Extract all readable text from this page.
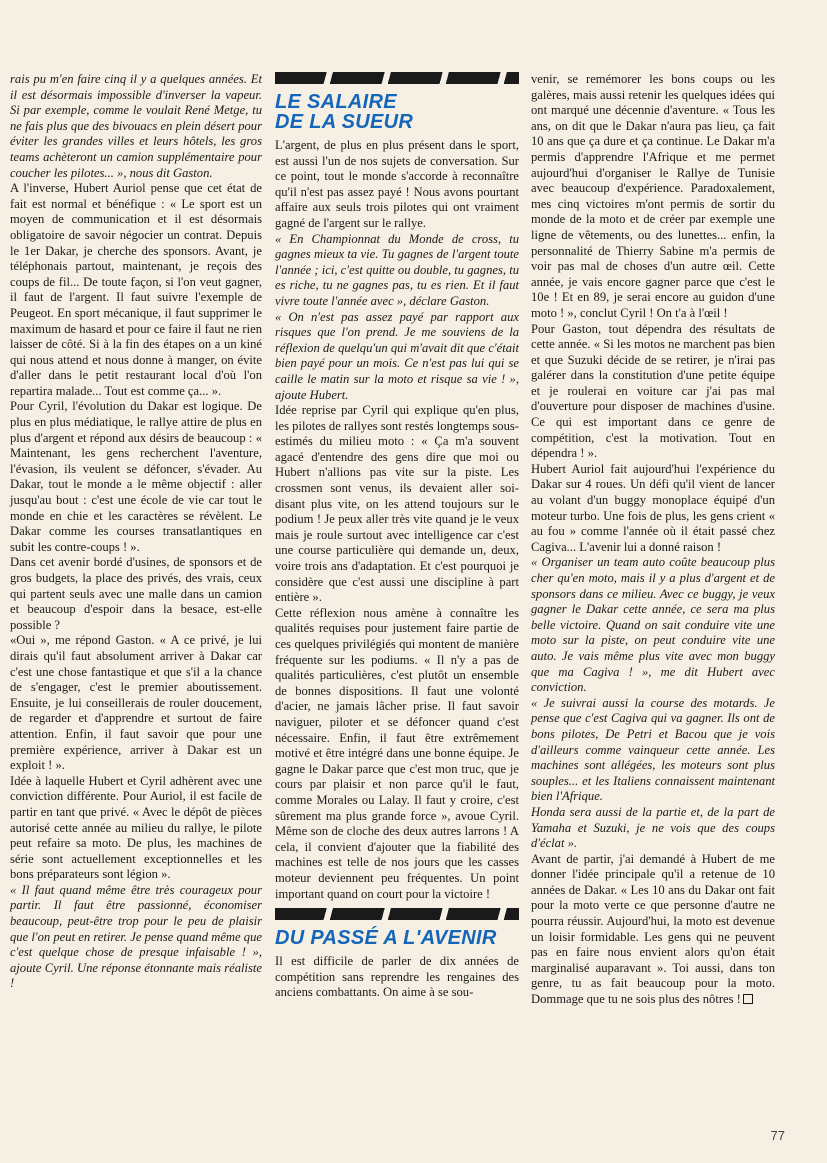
rais pu m'en faire cinq il y a quelques années. Et il est désormais impossible d'inverser la vapeur. Si par exemple, comme le voulait René Metge, tu ne fais plus que des bivouacs en plein désert pour éviter les grandes villes et leurs hôtels, les gros teams achèteront un camion supplémentaire pour coucher les pilotes... », nous dit Gaston.

A l'inverse, Hubert Auriol pense que cet état de fait est normal et bénéfique : « Le sport est un moyen de communication et il est désormais obligatoire de savoir négocier un contrat. Depuis le 1er Dakar, je cherche des sponsors. Avant, je téléphonais partout, maintenant, je reçois des coups de fil... De toute façon, si l'on veut gagner, il faut de l'argent. Il faut suivre l'exemple de Peugeot. En sport mécanique, il faut supprimer le maximum de hasard et pour ce faire il faut ne rien laisser de côté. Si à la fin des étapes on a un kiné qui nous attend et nous donne à manger, on évite d'aller dans le petit restaurant local d'où l'on repartira malade... Tout est comme ça... ».

Pour Cyril, l'évolution du Dakar est logique. De plus en plus médiatique, le rallye attire de plus en plus d'argent et répond aux désirs de beaucoup : « Maintenant, les gens recherchent l'aventure, l'évasion, ils veulent se défoncer, s'évader. Au Dakar, tout le monde a le même objectif : aller jusqu'au bout : c'est une école de vie car tout le monde en chie et les caractères se révèlent. Le Dakar comme les courses transatlantiques en subit les contre-coups ! ».

Dans cet avenir bordé d'usines, de sponsors et de gros budgets, la place des privés, des vrais, ceux qui partent seuls avec une malle dans un camion et beaucoup d'espoir dans la besace, est-elle possible ?

«Oui », me répond Gaston. « A ce privé, je lui dirais qu'il faut absolument arriver à Dakar car c'est une chose fantastique et que s'il a la chance de s'engager, c'est le premier aboutissement. Ensuite, je lui conseillerais de rouler doucement, de regarder et d'apprendre et surtout de faire attention. Enfin, il faut savoir que pour une première expérience, arriver à Dakar est un exploit ! ».

Idée à laquelle Hubert et Cyril adhèrent avec une conviction différente. Pour Auriol, il est facile de partir en tant que privé. « Avec le dépôt de pièces autorisé cette année au milieu du rallye, le pilote peut refaire sa moto. De plus, les machines de série sont actuellement exceptionnelles et les bons préparateurs sont légion ».

« Il faut quand même être très courageux pour partir. Il faut être passionné, économiser beaucoup, peut-être trop pour le peu de plaisir que l'on peut en retirer. Je pense quand même que c'est quelque chose de presque infaisable ! », ajoute Cyril. Une réponse étonnante mais réaliste !

LE SALAIRE
DE LA SUEUR

L'argent, de plus en plus présent dans le sport, est aussi l'un de nos sujets de conversation. Sur ce point, tout le monde s'accorde à reconnaître qu'il n'est pas assez payé ! Nous avons pourtant affaire aux seuls trois pilotes qui ont vraiment gagné de l'argent sur le rallye.

« En Championnat du Monde de cross, tu gagnes mieux ta vie. Tu gagnes de l'argent toute l'année ; ici, c'est quitte ou double, tu gagnes, tu es riche, tu ne gagnes pas, tu es rien. Et il faut vivre toute l'année avec », déclare Gaston.

« On n'est pas assez payé par rapport aux risques que l'on prend. Je me souviens de la réflexion de quelqu'un qui m'avait dit que c'était bien payé pour un mois. Ce n'est pas lui qui se caille le matin sur la moto et risque sa vie ! », ajoute Hubert.

Idée reprise par Cyril qui explique qu'en plus, les pilotes de rallyes sont restés longtemps sous-estimés du milieu moto : « Ça m'a souvent agacé d'entendre des gens dire que moi ou Hubert n'allions pas vite sur la piste. Les crossmen sont venus, ils devaient aller soi-disant plus vite, on les attend toujours sur le podium ! Je peux aller très vite quand je le veux mais je roule surtout avec intelligence car c'est une course particulière qui demande un, deux, voire trois ans d'adaptation. Et c'est pourquoi je considère que c'est aussi une discipline à part entière ».

Cette réflexion nous amène à connaître les qualités requises pour justement faire partie de ces quelques privilégiés qui montent de manière fréquente sur les podiums. « Il n'y a pas de qualités particulières, c'est plutôt un ensemble de bonnes dispositions. Il faut une volonté d'acier, ne jamais lâcher prise. Il faut savoir naviguer, piloter et se défoncer quand c'est nécessaire. Enfin, il faut être extrêmement motivé et être intégré dans une bonne équipe. Je gagne le Dakar parce que c'est mon truc, que je cours par plaisir et non parce qu'il le faut, comme Morales ou Lalay. Il faut y croire, c'est sûrement ma plus grande force », avoue Cyril. Même son de cloche des deux autres larrons ! A cela, il convient d'ajouter que la fiabilité des machines est telle de nos jours que les casses moteur deviennent peu fréquentes. Un point important quand on court pour la victoire !

DU PASSÉ A L'AVENIR

Il est difficile de parler de dix années de compétition sans reprendre les rengaines des anciens combattants. On aime à se sou-

venir, se remémorer les bons coups ou les galères, mais aussi retenir les quelques idées qui ont marqué une décennie d'aventure. « Tous les ans, on dit que le Dakar n'aura pas lieu, ça fait 10 ans que ça dure et ça continue. Le Dakar m'a permis d'apprendre l'Afrique et me permet aujourd'hui d'organiser le Rallye de Tunisie avec beaucoup d'expérience. Paradoxalement, mes cinq victoires m'ont permis de sortir du monde de la moto et de créer par exemple une ligne de vêtements, ou des lunettes... enfin, la personnalité de Thierry Sabine m'a permis de voir pas mal de choses d'un autre œil. Cette année, je vais encore gagner parce que c'est le 10e ! Et en 89, je serai encore au guidon d'une moto ! », conclut Cyril ! On t'a à l'œil !

Pour Gaston, tout dépendra des résultats de cette année. « Si les motos ne marchent pas bien et que Suzuki décide de se retirer, je n'irai pas galérer dans la constitution d'une petite équipe et je roulerai en voiture car j'ai pas mal d'ouverture pour disposer de machines d'usine. Ce qui est important dans ce genre de compétition, c'est la motivation. Tout en dépendra ! ».

Hubert Auriol fait aujourd'hui l'expérience du Dakar sur 4 roues. Un défi qu'il vient de lancer au volant d'un buggy monoplace équipé d'un moteur turbo. Une fois de plus, les gens crient « au fou » comme l'année où il était passé chez Cagiva... L'avenir lui a donné raison !

« Organiser un team auto coûte beaucoup plus cher qu'en moto, mais il y a plus d'argent et de sponsors dans ce milieu. Avec ce buggy, je veux gagner le Dakar cette année, ce sera ma plus belle victoire. Quand on sait conduire vite une moto sur la piste, on peut conduire vite une auto. Je vais même plus vite avec mon buggy que ma Cagiva ! », me dit Hubert avec conviction.

« Je suivrai aussi la course des motards. Je pense que c'est Cagiva qui va gagner. Ils ont de bons pilotes, De Petri et Bacou que je vois d'ailleurs comme vainqueur cette année. Les machines sont allégées, les moteurs sont plus souples... et les Italiens connaissent maintenant bien l'Afrique.

Honda sera aussi de la partie et, de la part de Yamaha et Suzuki, je ne vois que des coups d'éclat ».

Avant de partir, j'ai demandé à Hubert de me donner l'idée principale qu'il a retenue de 10 années de Dakar. « Les 10 ans du Dakar ont fait pour la moto verte ce que personne d'autre ne pourra réussir. Aujourd'hui, la moto est devenue un loisir formidable. Les gens qui ne peuvent pas en faire nous envient alors qu'on était marginalisé auparavant ». Toi aussi, dans ton genre, tu as fait beaucoup pour la moto. Dommage que tu ne sois plus des nôtres !

77
